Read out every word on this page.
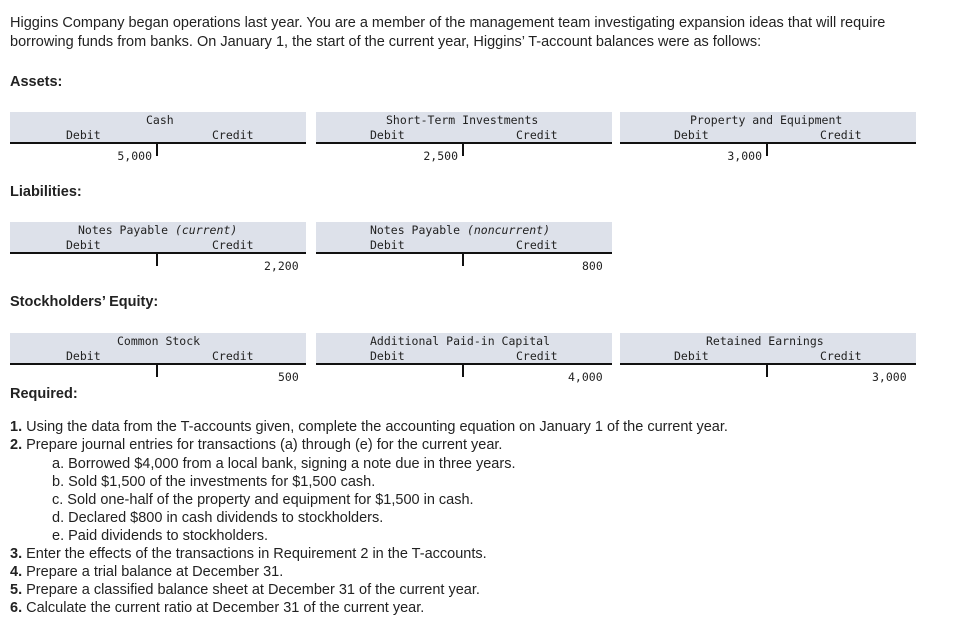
Higgins Company began operations last year. You are a member of the management team investigating expansion ideas that will require borrowing funds from banks. On January 1, the start of the current year, Higgins’ T-account balances were as follows:
Assets:
Cash
Debit	Credit
5,000
Short-Term Investments
Debit	Credit
2,500
Property and Equipment
Debit	Credit
3,000
Liabilities:
Notes Payable (current)
Debit	Credit
2,200
Notes Payable (noncurrent)
Debit	Credit
800
Stockholders’ Equity:
Common Stock
Debit	Credit
500
Additional Paid-in Capital
Debit	Credit
4,000
Retained Earnings
Debit	Credit
3,000
Required:
1. Using the data from the T-accounts given, complete the accounting equation on January 1 of the current year.
2. Prepare journal entries for transactions (a) through (e) for the current year.
a. Borrowed $4,000 from a local bank, signing a note due in three years.
b. Sold $1,500 of the investments for $1,500 cash.
c. Sold one-half of the property and equipment for $1,500 in cash.
d. Declared $800 in cash dividends to stockholders.
e. Paid dividends to stockholders.
3. Enter the effects of the transactions in Requirement 2 in the T-accounts.
4. Prepare a trial balance at December 31.
5. Prepare a classified balance sheet at December 31 of the current year.
6. Calculate the current ratio at December 31 of the current year.
